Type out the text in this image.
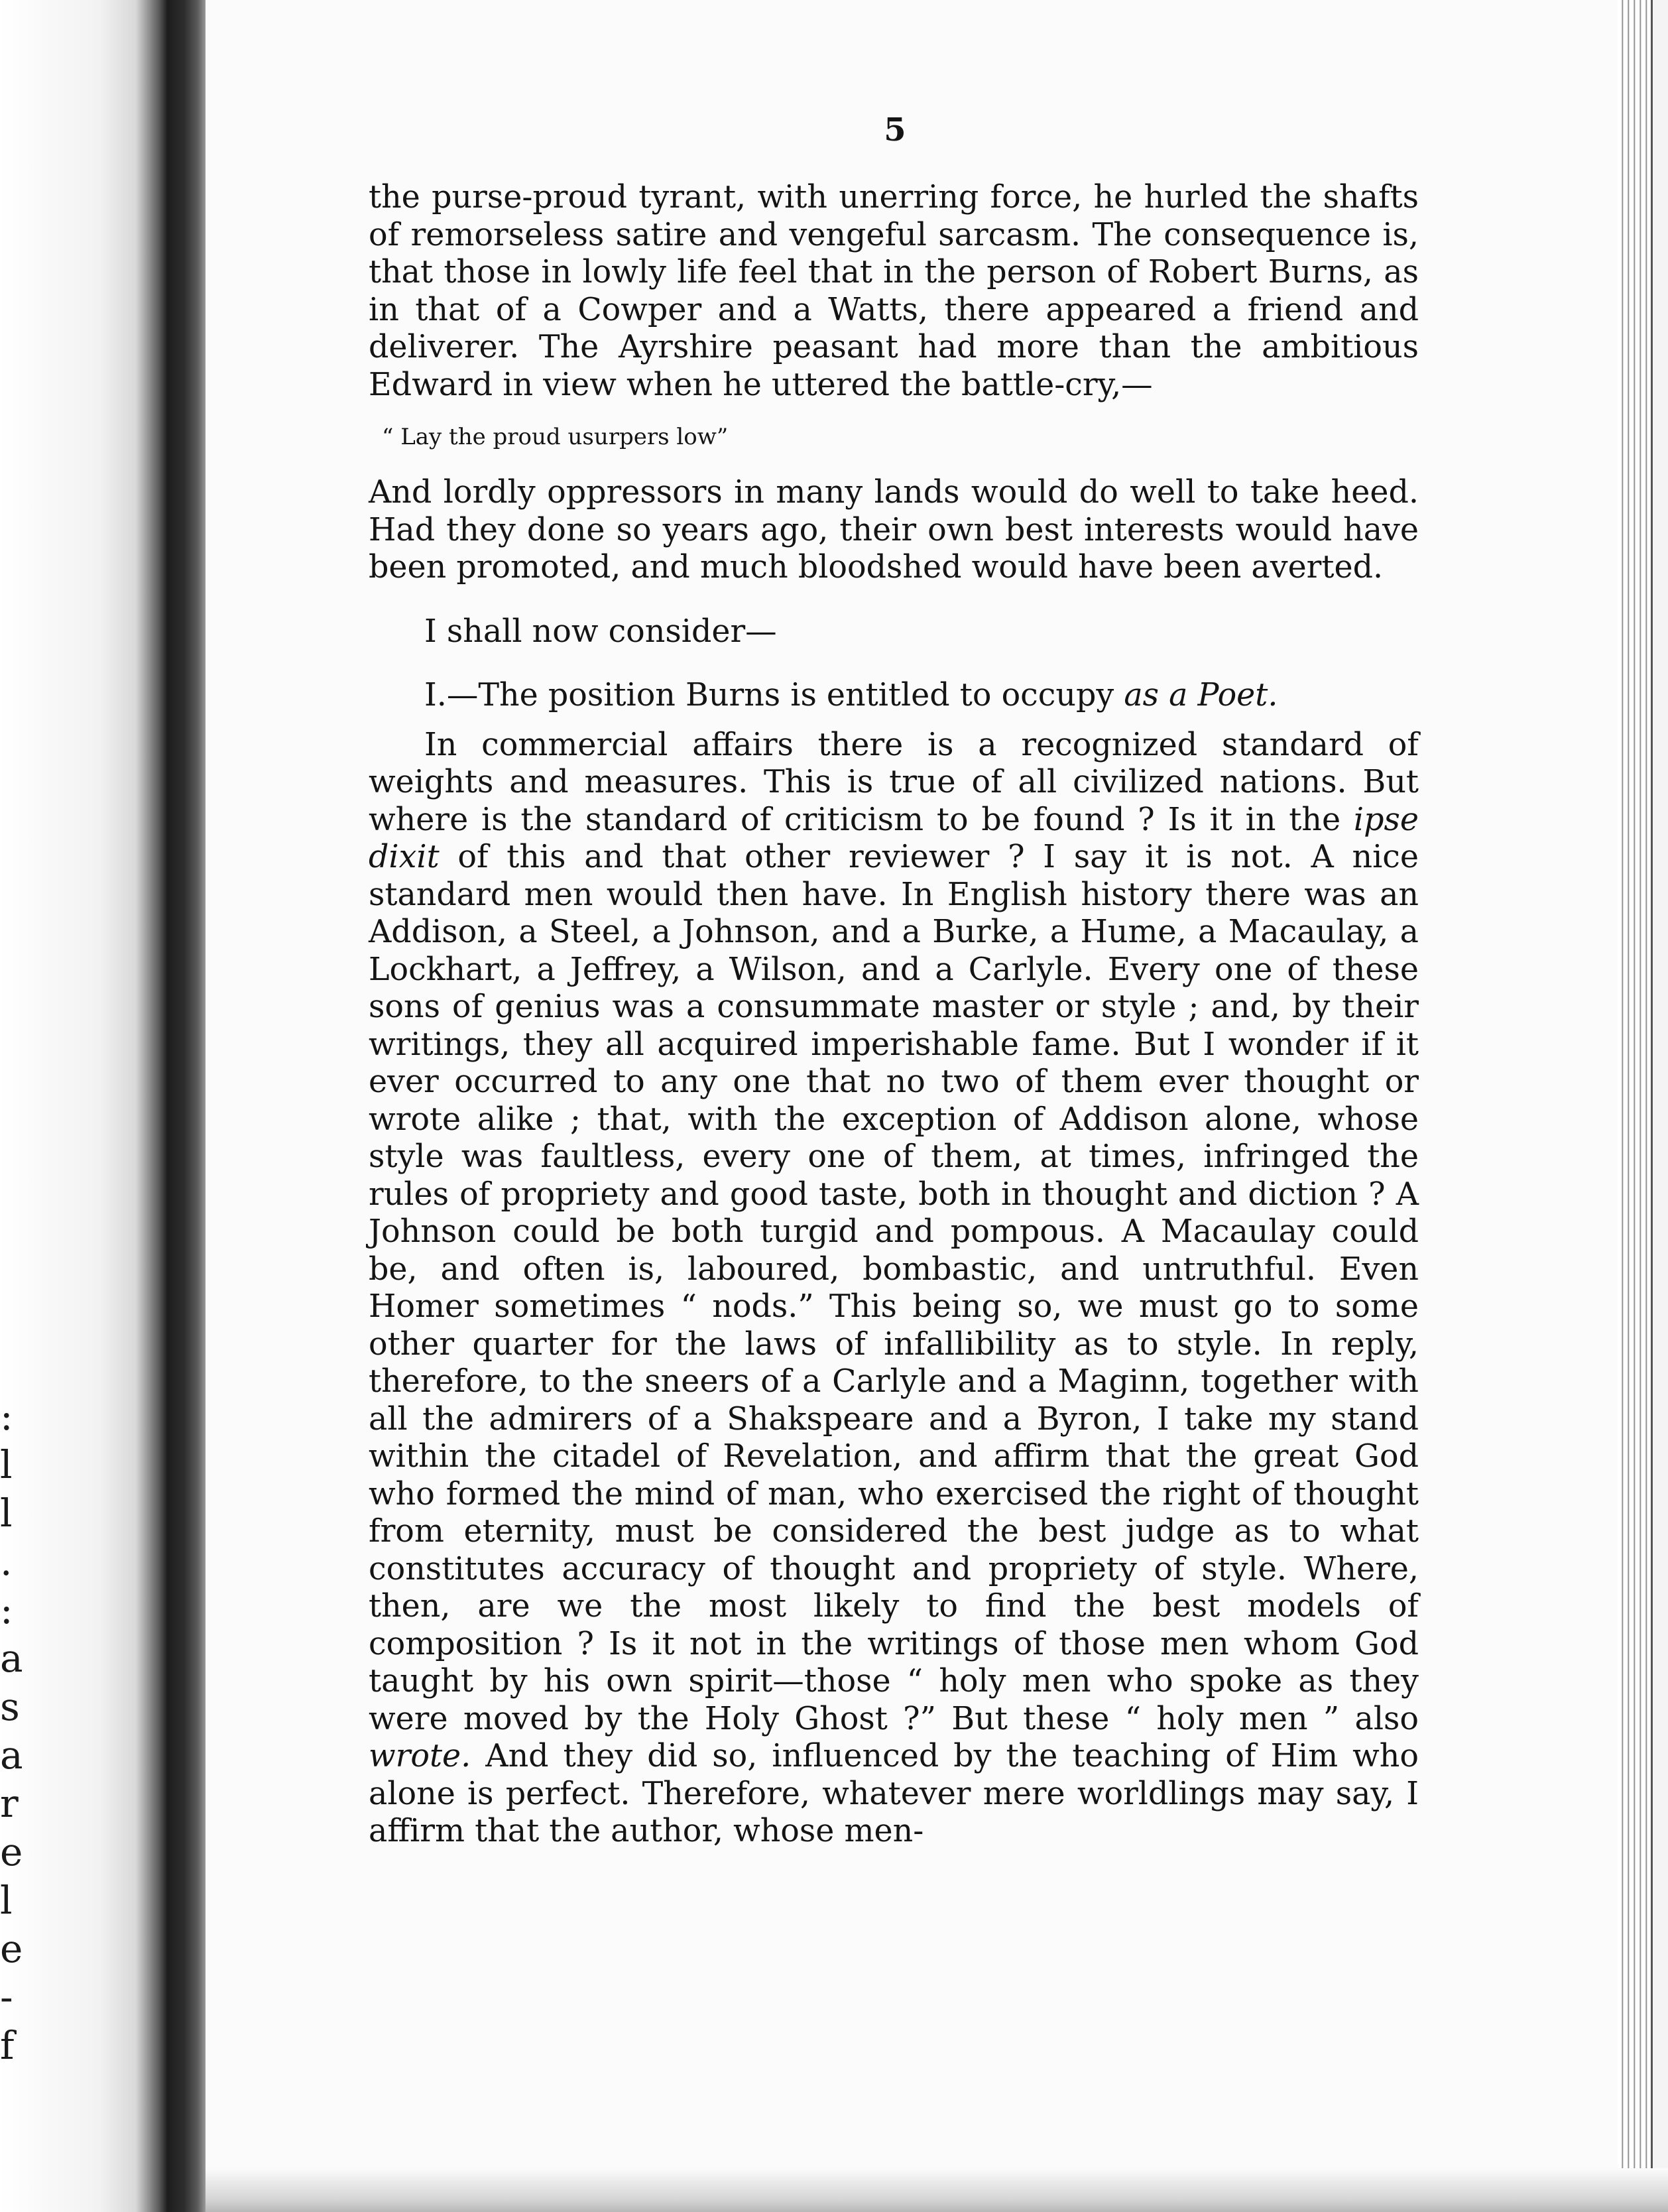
:
l
l
.
:
a
s
a
r
e
l
e
-
f
5

the purse-proud tyrant, with unerring force, he hurled the shafts of remorseless satire and vengeful sarcasm. The consequence is, that those in lowly life feel that in the person of Robert Burns, as in that of a Cowper and a Watts, there appeared a friend and deliverer. The Ayrshire peasant had more than the ambitious Edward in view when he uttered the battle-cry,—

“ Lay the proud usurpers low”

And lordly oppressors in many lands would do well to take heed. Had they done so years ago, their own best interests would have been promoted, and much bloodshed would have been averted.

I shall now consider—

I.—The position Burns is entitled to occupy as a Poet.

In commercial affairs there is a recognized standard of weights and measures. This is true of all civilized nations. But where is the standard of criticism to be found ? Is it in the ipse dixit of this and that other reviewer ? I say it is not. A nice standard men would then have. In English history there was an Addison, a Steel, a Johnson, and a Burke, a Hume, a Macaulay, a Lockhart, a Jeffrey, a Wilson, and a Carlyle. Every one of these sons of genius was a consummate master or style ; and, by their writings, they all acquired imperishable fame. But I wonder if it ever occurred to any one that no two of them ever thought or wrote alike ; that, with the exception of Addison alone, whose style was faultless, every one of them, at times, infringed the rules of propriety and good taste, both in thought and diction ? A Johnson could be both turgid and pompous. A Macaulay could be, and often is, laboured, bombastic, and untruthful. Even Homer sometimes “ nods.” This being so, we must go to some other quarter for the laws of infallibility as to style. In reply, therefore, to the sneers of a Carlyle and a Maginn, together with all the admirers of a Shakspeare and a Byron, I take my stand within the citadel of Revelation, and affirm that the great God who formed the mind of man, who exercised the right of thought from eternity, must be considered the best judge as to what constitutes accuracy of thought and propriety of style. Where, then, are we the most likely to find the best models of composition ? Is it not in the writings of those men whom God taught by his own spirit—those “ holy men who spoke as they were moved by the Holy Ghost ?” But these “ holy men ” also wrote. And they did so, influenced by the teaching of Him who alone is perfect. Therefore, whatever mere worldlings may say, I affirm that the author, whose men-
